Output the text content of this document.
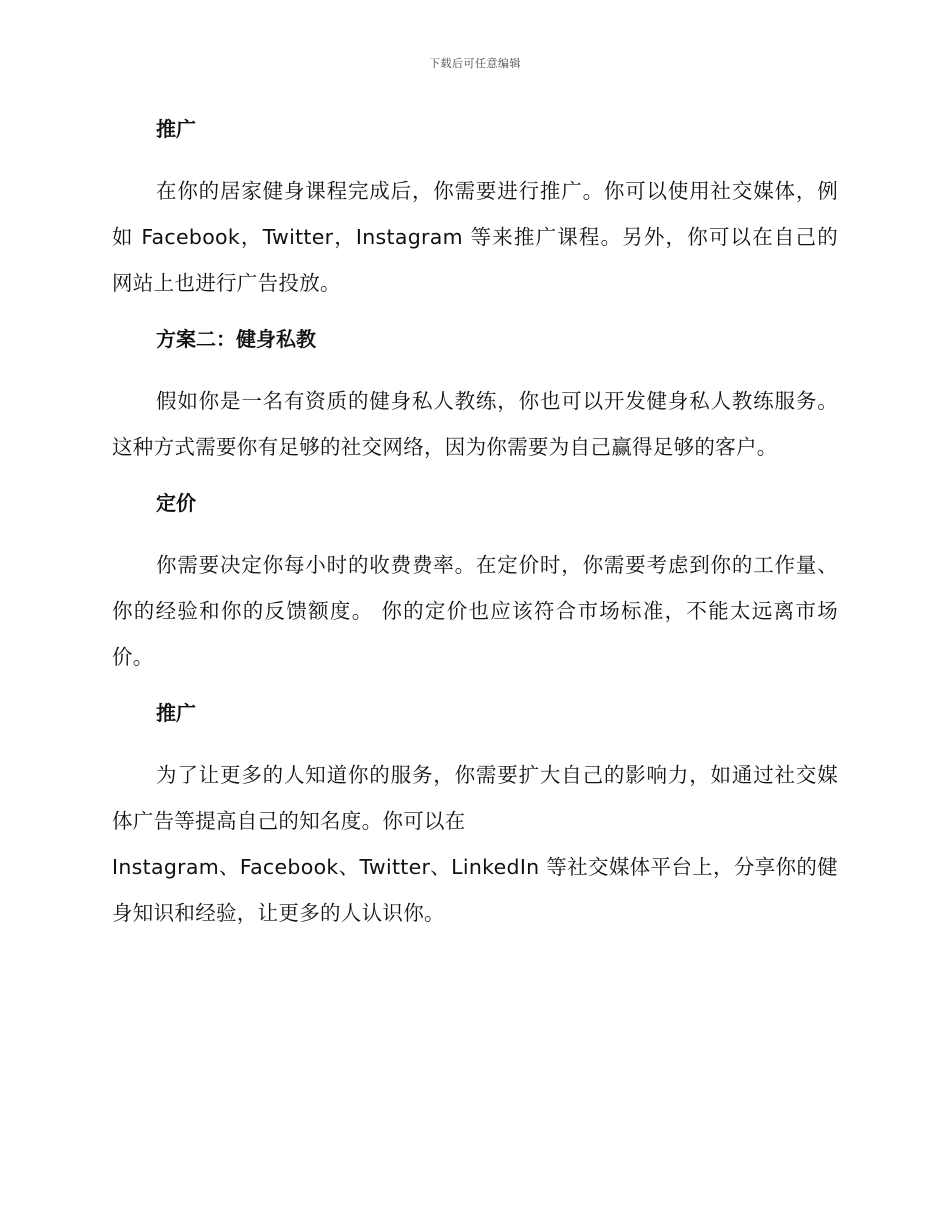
下载后可任意编辑
推广

在你的居家健身课程完成后，你需要进行推广。你可以使用社交媒体，例如 Facebook，Twitter，Instagram 等来推广课程。另外，你可以在自己的网站上也进行广告投放。

方案二：健身私教

假如你是一名有资质的健身私人教练，你也可以开发健身私人教练服务。这种方式需要你有足够的社交网络，因为你需要为自己赢得足够的客户。

定价

你需要决定你每小时的收费费率。在定价时，你需要考虑到你的工作量、你的经验和你的反馈额度。 你的定价也应该符合市场标准，不能太远离市场价。

推广

为了让更多的人知道你的服务，你需要扩大自己的影响力，如通过社交媒体广告等提高自己的知名度。你可以在
Instagram、Facebook、Twitter、LinkedIn 等社交媒体平台上，分享你的健身知识和经验，让更多的人认识你。
